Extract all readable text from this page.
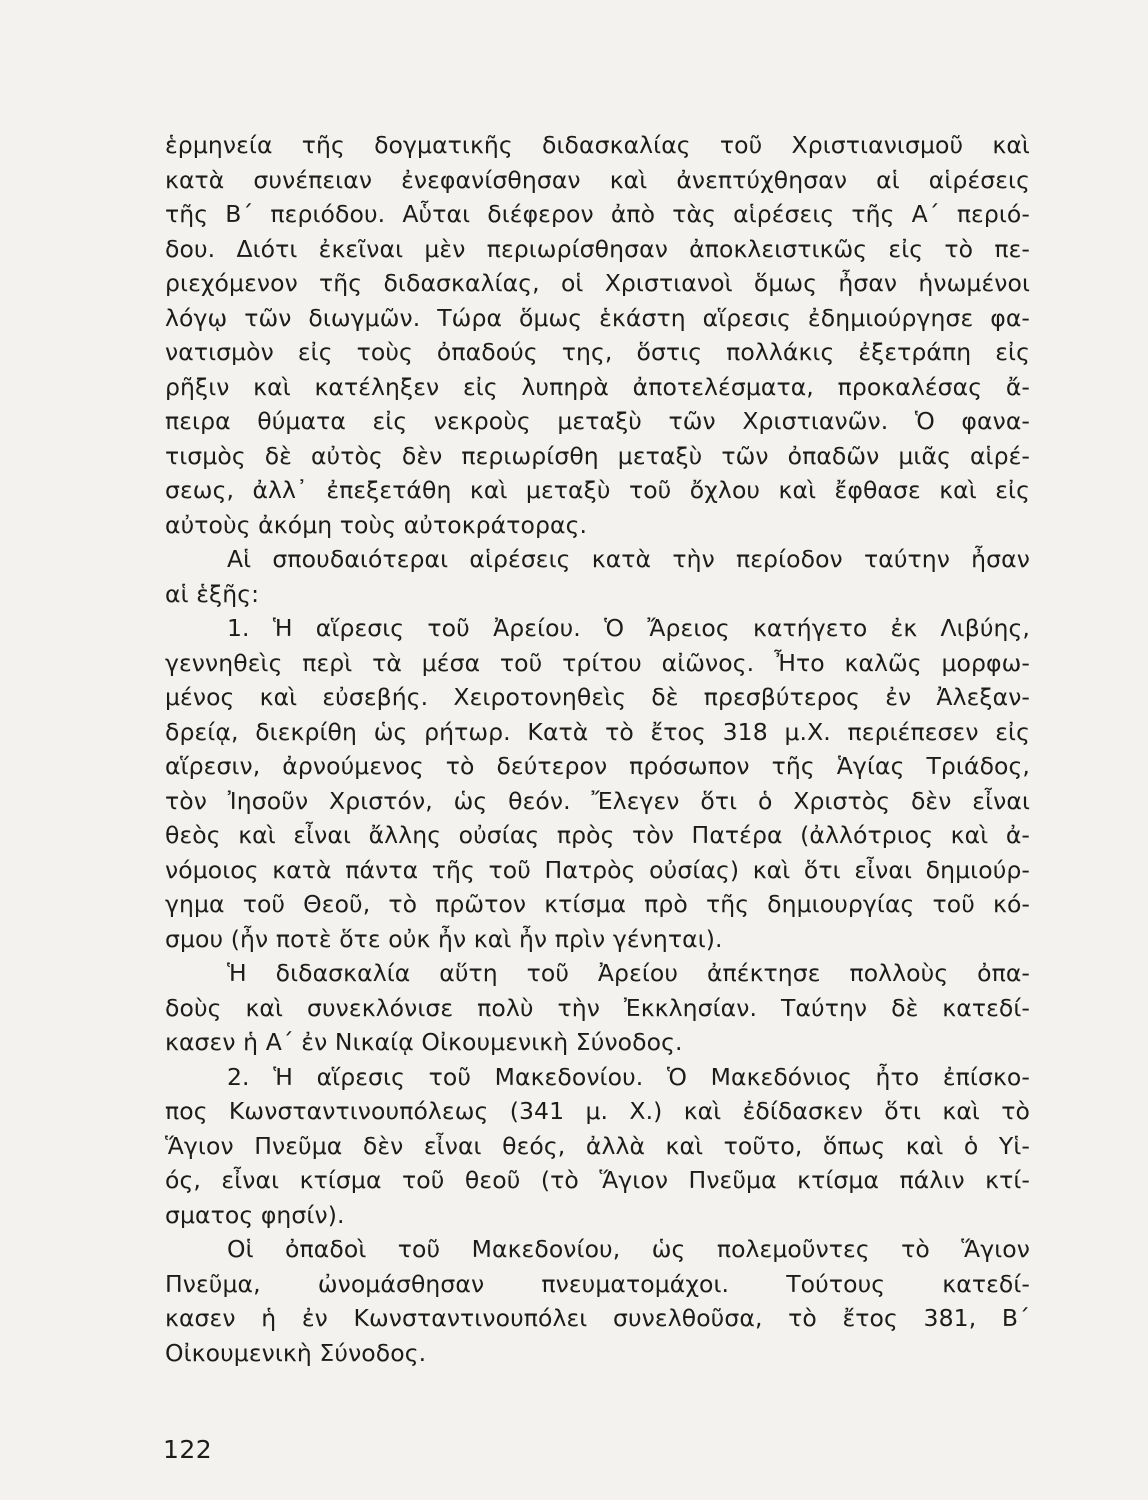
ἑρμηνεία τῆς δογματικῆς διδασκαλίας τοῦ Χριστιανισμοῦ καὶ
κατὰ συνέπειαν ἐνεφανίσθησαν καὶ ἀνεπτύχθησαν αἱ αἱρέσεις
τῆς Β΄ περιόδου. Αὗται διέφερον ἀπὸ τὰς αἱρέσεις τῆς Α΄ περιό-
δου. Διότι ἐκεῖναι μὲν περιωρίσθησαν ἀποκλειστικῶς εἰς τὸ πε-
ριεχόμενον τῆς διδασκαλίας, οἱ Χριστιανοὶ ὅμως ἦσαν ἡνωμένοι
λόγῳ τῶν διωγμῶν. Τώρα ὅμως ἑκάστη αἵρεσις ἐδημιούργησε φα-
νατισμὸν εἰς τοὺς ὀπαδούς της, ὅστις πολλάκις ἐξετράπη εἰς
ρῆξιν καὶ κατέληξεν εἰς λυπηρὰ ἀποτελέσματα, προκαλέσας ἄ-
πειρα θύματα εἰς νεκροὺς μεταξὺ τῶν Χριστιανῶν. Ὁ φανα-
τισμὸς δὲ αὐτὸς δὲν περιωρίσθη μεταξὺ τῶν ὀπαδῶν μιᾶς αἱρέ-
σεως, ἀλλ᾽ ἐπεξετάθη καὶ μεταξὺ τοῦ ὄχλου καὶ ἔφθασε καὶ εἰς
αὐτοὺς ἀκόμη τοὺς αὐτοκράτορας.
Αἱ σπουδαιότεραι αἱρέσεις κατὰ τὴν περίοδον ταύτην ἦσαν
αἱ ἑξῆς:
1. Ἡ αἵρεσις τοῦ Ἀρείου. Ὁ Ἄρειος κατήγετο ἐκ Λιβύης,
γεννηθεὶς περὶ τὰ μέσα τοῦ τρίτου αἰῶνος. Ἦτο καλῶς μορφω-
μένος καὶ εὐσεβής. Χειροτονηθεὶς δὲ πρεσβύτερος ἐν Ἀλεξαν-
δρείᾳ, διεκρίθη ὡς ρήτωρ. Κατὰ τὸ ἔτος 318 μ.Χ. περιέπεσεν εἰς
αἵρεσιν, ἀρνούμενος τὸ δεύτερον πρόσωπον τῆς Ἁγίας Τριάδος,
τὸν Ἰησοῦν Χριστόν, ὡς θεόν. Ἔλεγεν ὅτι ὁ Χριστὸς δὲν εἶναι
θεὸς καὶ εἶναι ἄλλης οὐσίας πρὸς τὸν Πατέρα (ἀλλότριος καὶ ἀ-
νόμοιος κατὰ πάντα τῆς τοῦ Πατρὸς οὐσίας) καὶ ὅτι εἶναι δημιούρ-
γημα τοῦ Θεοῦ, τὸ πρῶτον κτίσμα πρὸ τῆς δημιουργίας τοῦ κό-
σμου (ἦν ποτὲ ὅτε οὐκ ἦν καὶ ἦν πρὶν γένηται).
Ἡ διδασκαλία αὕτη τοῦ Ἀρείου ἀπέκτησε πολλοὺς ὀπα-
δοὺς καὶ συνεκλόνισε πολὺ τὴν Ἐκκλησίαν. Ταύτην δὲ κατεδί-
κασεν ἡ Α΄ ἐν Νικαίᾳ Οἰκουμενικὴ Σύνοδος.
2. Ἡ αἵρεσις τοῦ Μακεδονίου. Ὁ Μακεδόνιος ἦτο ἐπίσκο-
πος Κωνσταντινουπόλεως (341 μ. Χ.) καὶ ἐδίδασκεν ὅτι καὶ τὸ
Ἅγιον Πνεῦμα δὲν εἶναι θεός, ἀλλὰ καὶ τοῦτο, ὅπως καὶ ὁ Υἱ-
ός, εἶναι κτίσμα τοῦ θεοῦ (τὸ Ἅγιον Πνεῦμα κτίσμα πάλιν κτί-
σματος φησίν).
Οἱ ὀπαδοὶ τοῦ Μακεδονίου, ὡς πολεμοῦντες τὸ Ἅγιον
Πνεῦμα, ὠνομάσθησαν πνευματομάχοι. Τούτους κατεδί-
κασεν ἡ ἐν Κωνσταντινουπόλει συνελθοῦσα, τὸ ἔτος 381, Β΄
Οἰκουμενικὴ Σύνοδος.
122
